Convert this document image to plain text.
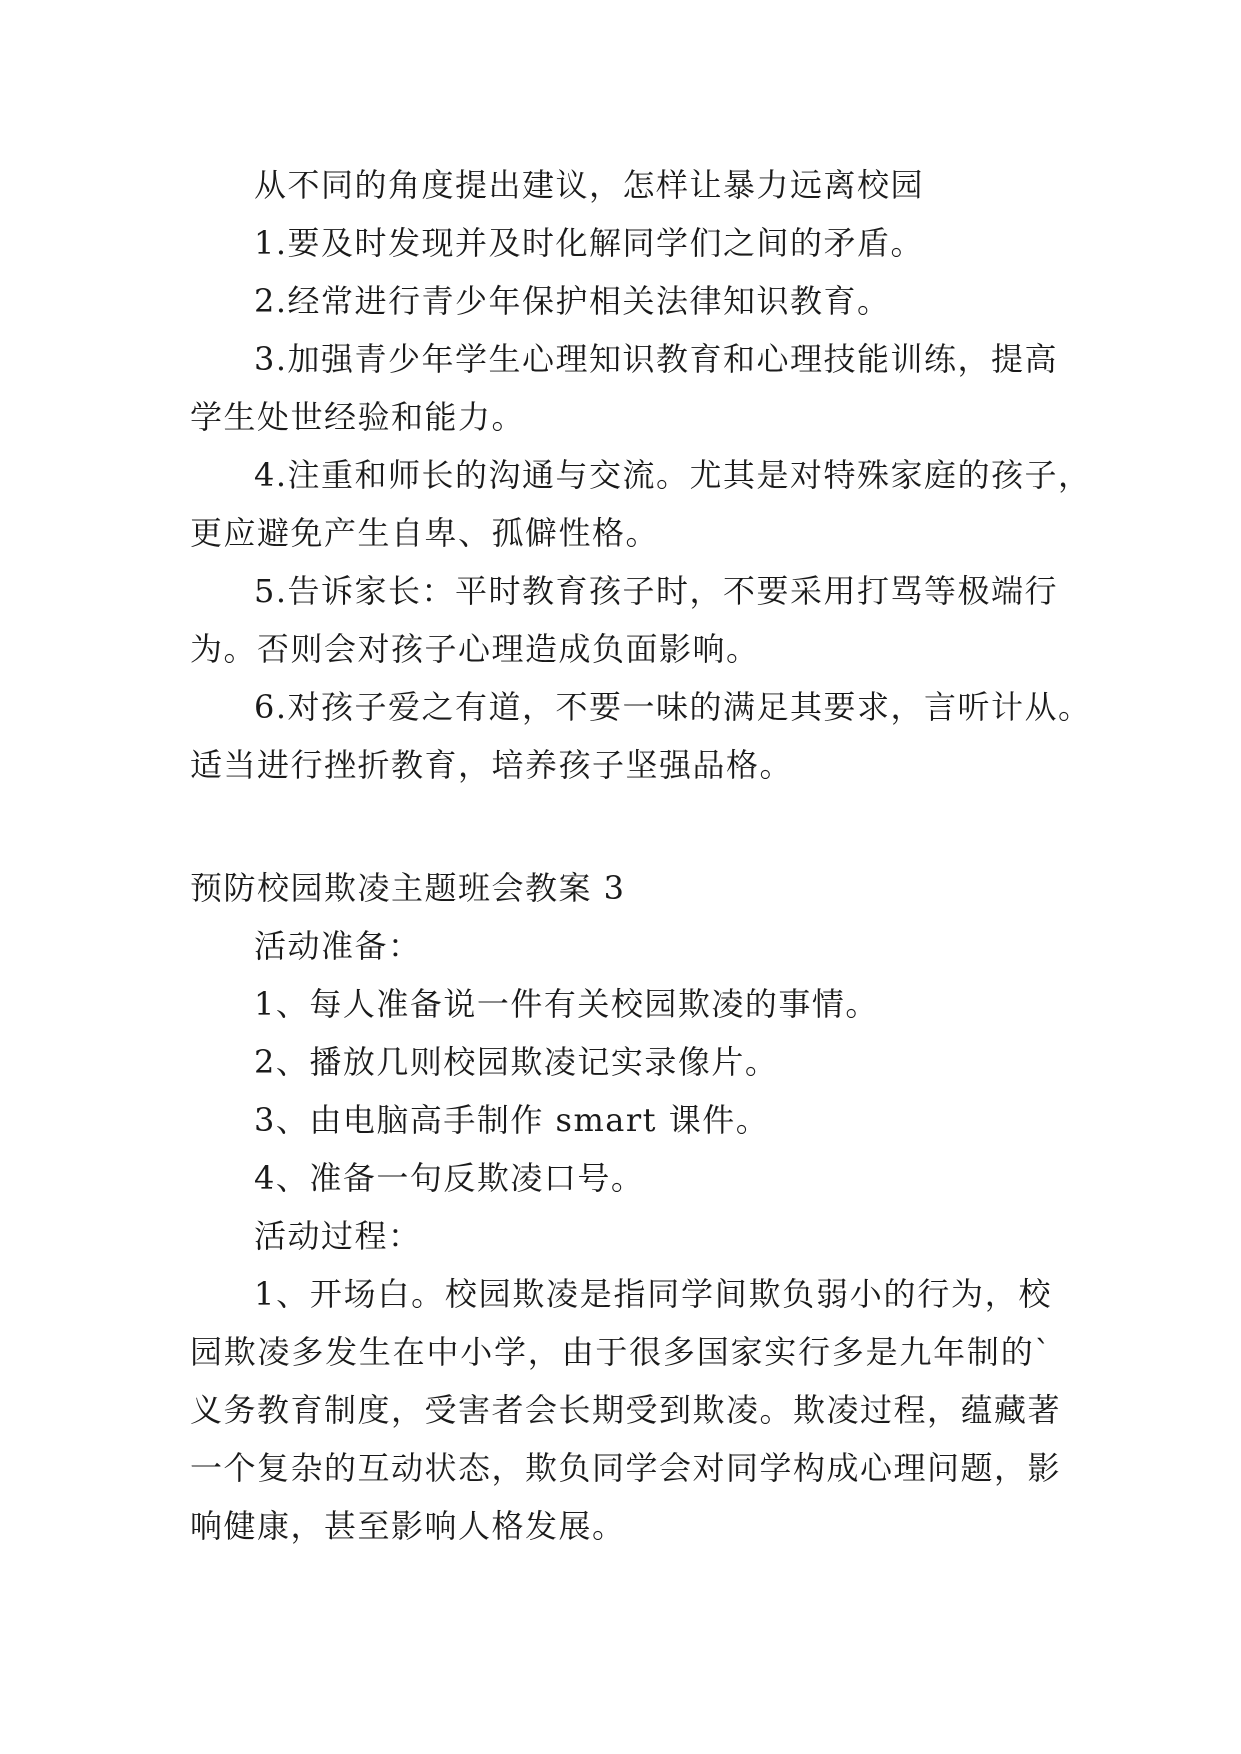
从不同的角度提出建议，怎样让暴力远离校园
1.要及时发现并及时化解同学们之间的矛盾。
2.经常进行青少年保护相关法律知识教育。
3.加强青少年学生心理知识教育和心理技能训练，提高
学生处世经验和能力。
4.注重和师长的沟通与交流。尤其是对特殊家庭的孩子，
更应避免产生自卑、孤僻性格。
5.告诉家长：平时教育孩子时，不要采用打骂等极端行
为。否则会对孩子心理造成负面影响。
6.对孩子爱之有道，不要一味的满足其要求，言听计从。
适当进行挫折教育，培养孩子坚强品格。
预防校园欺凌主题班会教案 3
活动准备：
1、每人准备说一件有关校园欺凌的事情。
2、播放几则校园欺凌记实录像片。
3、由电脑高手制作 smart 课件。
4、准备一句反欺凌口号。
活动过程：
1、开场白。校园欺凌是指同学间欺负弱小的行为，校
园欺凌多发生在中小学，由于很多国家实行多是九年制的`
义务教育制度，受害者会长期受到欺凌。欺凌过程，蕴藏著
一个复杂的互动状态，欺负同学会对同学构成心理问题，影
响健康，甚至影响人格发展。
